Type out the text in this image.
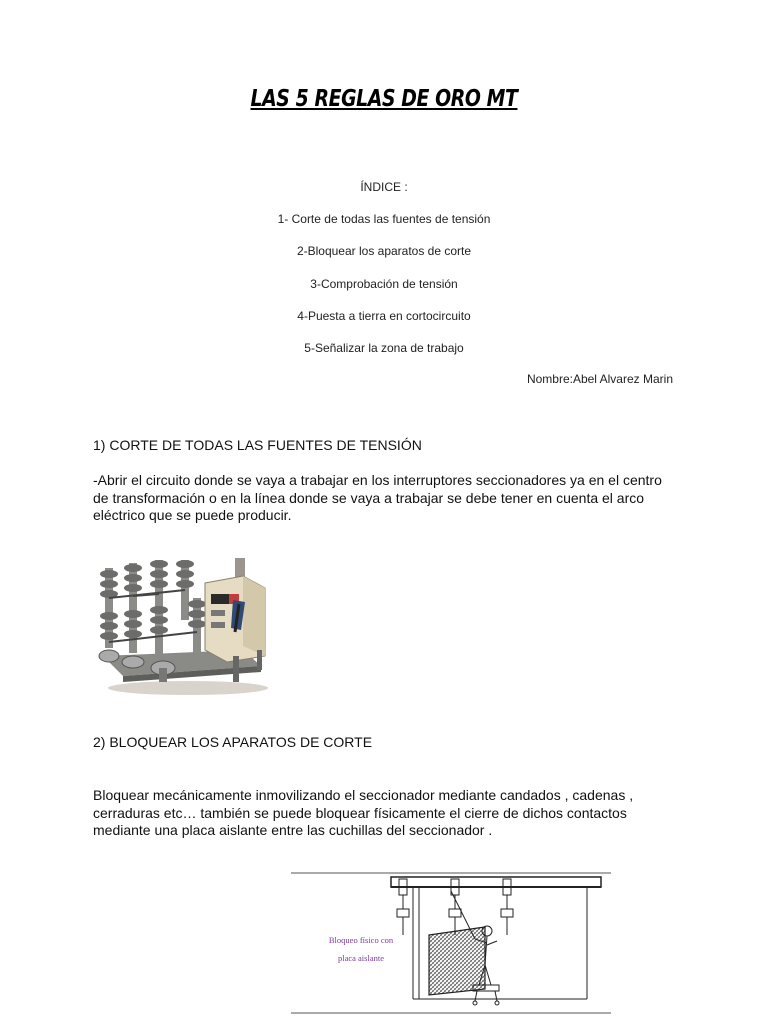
LAS 5 REGLAS DE ORO MT
ÍNDICE :
1- Corte de todas las fuentes de tensión
2-Bloquear los aparatos de corte
3-Comprobación de tensión
4-Puesta a tierra en cortocircuito
5-Señalizar la zona de trabajo
Nombre:Abel Alvarez Marin
1) CORTE DE TODAS LAS FUENTES DE TENSIÓN
-Abrir el circuito donde se vaya a trabajar en los interruptores seccionadores ya en el centro de transformación o en la línea donde se vaya a trabajar se debe tener en cuenta el arco eléctrico que se puede producir.
2) BLOQUEAR LOS APARATOS DE CORTE
Bloquear mecánicamente inmovilizando el seccionador mediante candados , cadenas , cerraduras etc… también se puede bloquear físicamente el cierre de dichos contactos mediante una placa aislante entre las cuchillas del seccionador .
Bloqueo físico con
placa aislante
